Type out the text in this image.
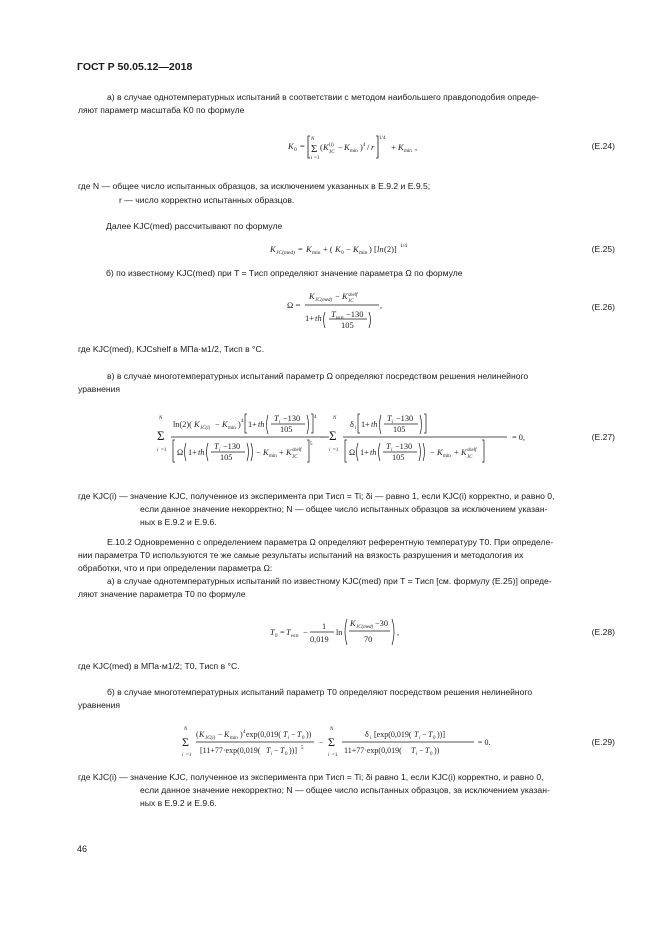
ГОСТ Р 50.05.12—2018
а) в случае однотемпературных испытаний в соответствии с методом наибольшего правдоподобия опреде-

ляют параметр масштаба K0 по формуле
K 0 =
N
Σ
i =1
( K (i)
JC
− K min ) 4 / r
1/4
+ K min ,	(Е.24)
где N — общее число испытанных образцов, за исключением указанных в Е.9.2 и Е.9.5;
r — число корректно испытанных образцов.
Далее KJC(med) рассчитывают по формуле
K JC(med) = K min + ( K 0 − K min ) [ ln (2)] 1/4	(Е.25)
б) по известному KJC(med) при T = Tисп определяют значение параметра Ω по формуле
Ω =
K JC(med) − K shelf
JC
1+ th T исп −130
105
,	(Е.26)
где KJC(med), KJCshelf в МПа·м1/2, Tисп в °С.
в) в случае многотемпературных испытаний параметр Ω определяют посредством решения нелинейного
уравнения
N
Σ
i =1
ln(2)( K JC(i) − K min ) 4 1+ th
T i −130
105
4
Ω 1+ th
T i −130
105
− K min + K shelf
JC
5
−
N
Σ
i =1
δ i 1+ th
T i −130
105
Ω 1+ th
T i −130
105
− K min + K shelf
JC
= 0,	(Е.27)
где KJC(i) — значение KJC, полученное из эксперимента при Tисп = Ti; δi — равно 1, если KJC(i) корректно, и равно 0,
если данное значение некорректно; N — общее число испытанных образцов за исключением указан-
ных в Е.9.2 и Е.9.6.
Е.10.2 Одновременно с определением параметра Ω определяют референтную температуру T0. При определе-
нии параметра T0 используются те же самые результаты испытаний на вязкость разрушения и методология их
обработки, что и при определении параметра Ω:
а) в случае однотемпературных испытаний по известному KJC(med) при T = Tисп [см. формулу (Е.25)] опреде-
ляют значение параметра T0 по формуле
T 0 = T исп −
1
0,019
ln
K JC(med) −30
70
,	(Е.28)
где KJC(med) в МПа·м1/2; T0, Tисп в °С.
б) в случае многотемпературных испытаний параметр T0 определяют посредством решения нелинейного
уравнения
N
Σ
i =1
( K JC(i) − K min ) 4 exp(0,019( T i − T 0 ))
[11+77·exp(0,019( T i − T 0 ))] 5
−
N
Σ
i =1
δ i [exp(0,019( T i − T 0 ))]
11+77·exp(0,019( T i − T 0 ))
= 0.	(Е.29)
где KJC(i) — значение KJC, полученное из эксперимента при Tисп = Ti; δi равно 1, если KJC(i) корректно, и равно 0,
если данное значение некорректно; N — общее число испытанных образцов, за исключением указан-
ных в Е.9.2 и Е.9.6.
46
